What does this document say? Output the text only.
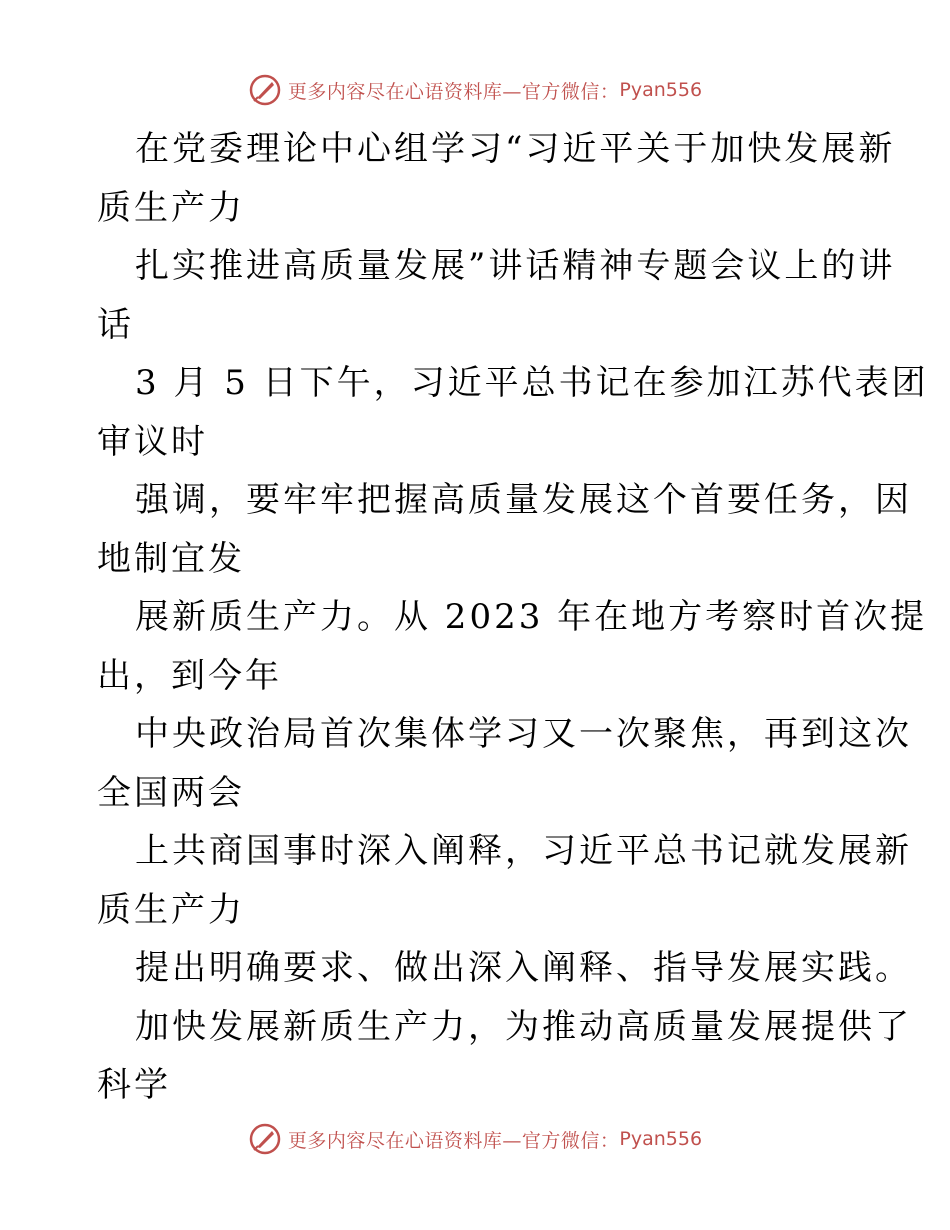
更多内容尽在心语资料库—官方微信： Pyan556
在党委理论中心组学习“习近平关于加快发展新
质生产力
扎实推进高质量发展”讲话精神专题会议上的讲
话
3 月 5 日下午，习近平总书记在参加江苏代表团
审议时
强调，要牢牢把握高质量发展这个首要任务，因
地制宜发
展新质生产力。从 2023 年在地方考察时首次提
出，到今年
中央政治局首次集体学习又一次聚焦，再到这次
全国两会
上共商国事时深入阐释，习近平总书记就发展新
质生产力
提出明确要求、做出深入阐释、指导发展实践。
加快发展新质生产力，为推动高质量发展提供了
科学
更多内容尽在心语资料库—官方微信： Pyan556
